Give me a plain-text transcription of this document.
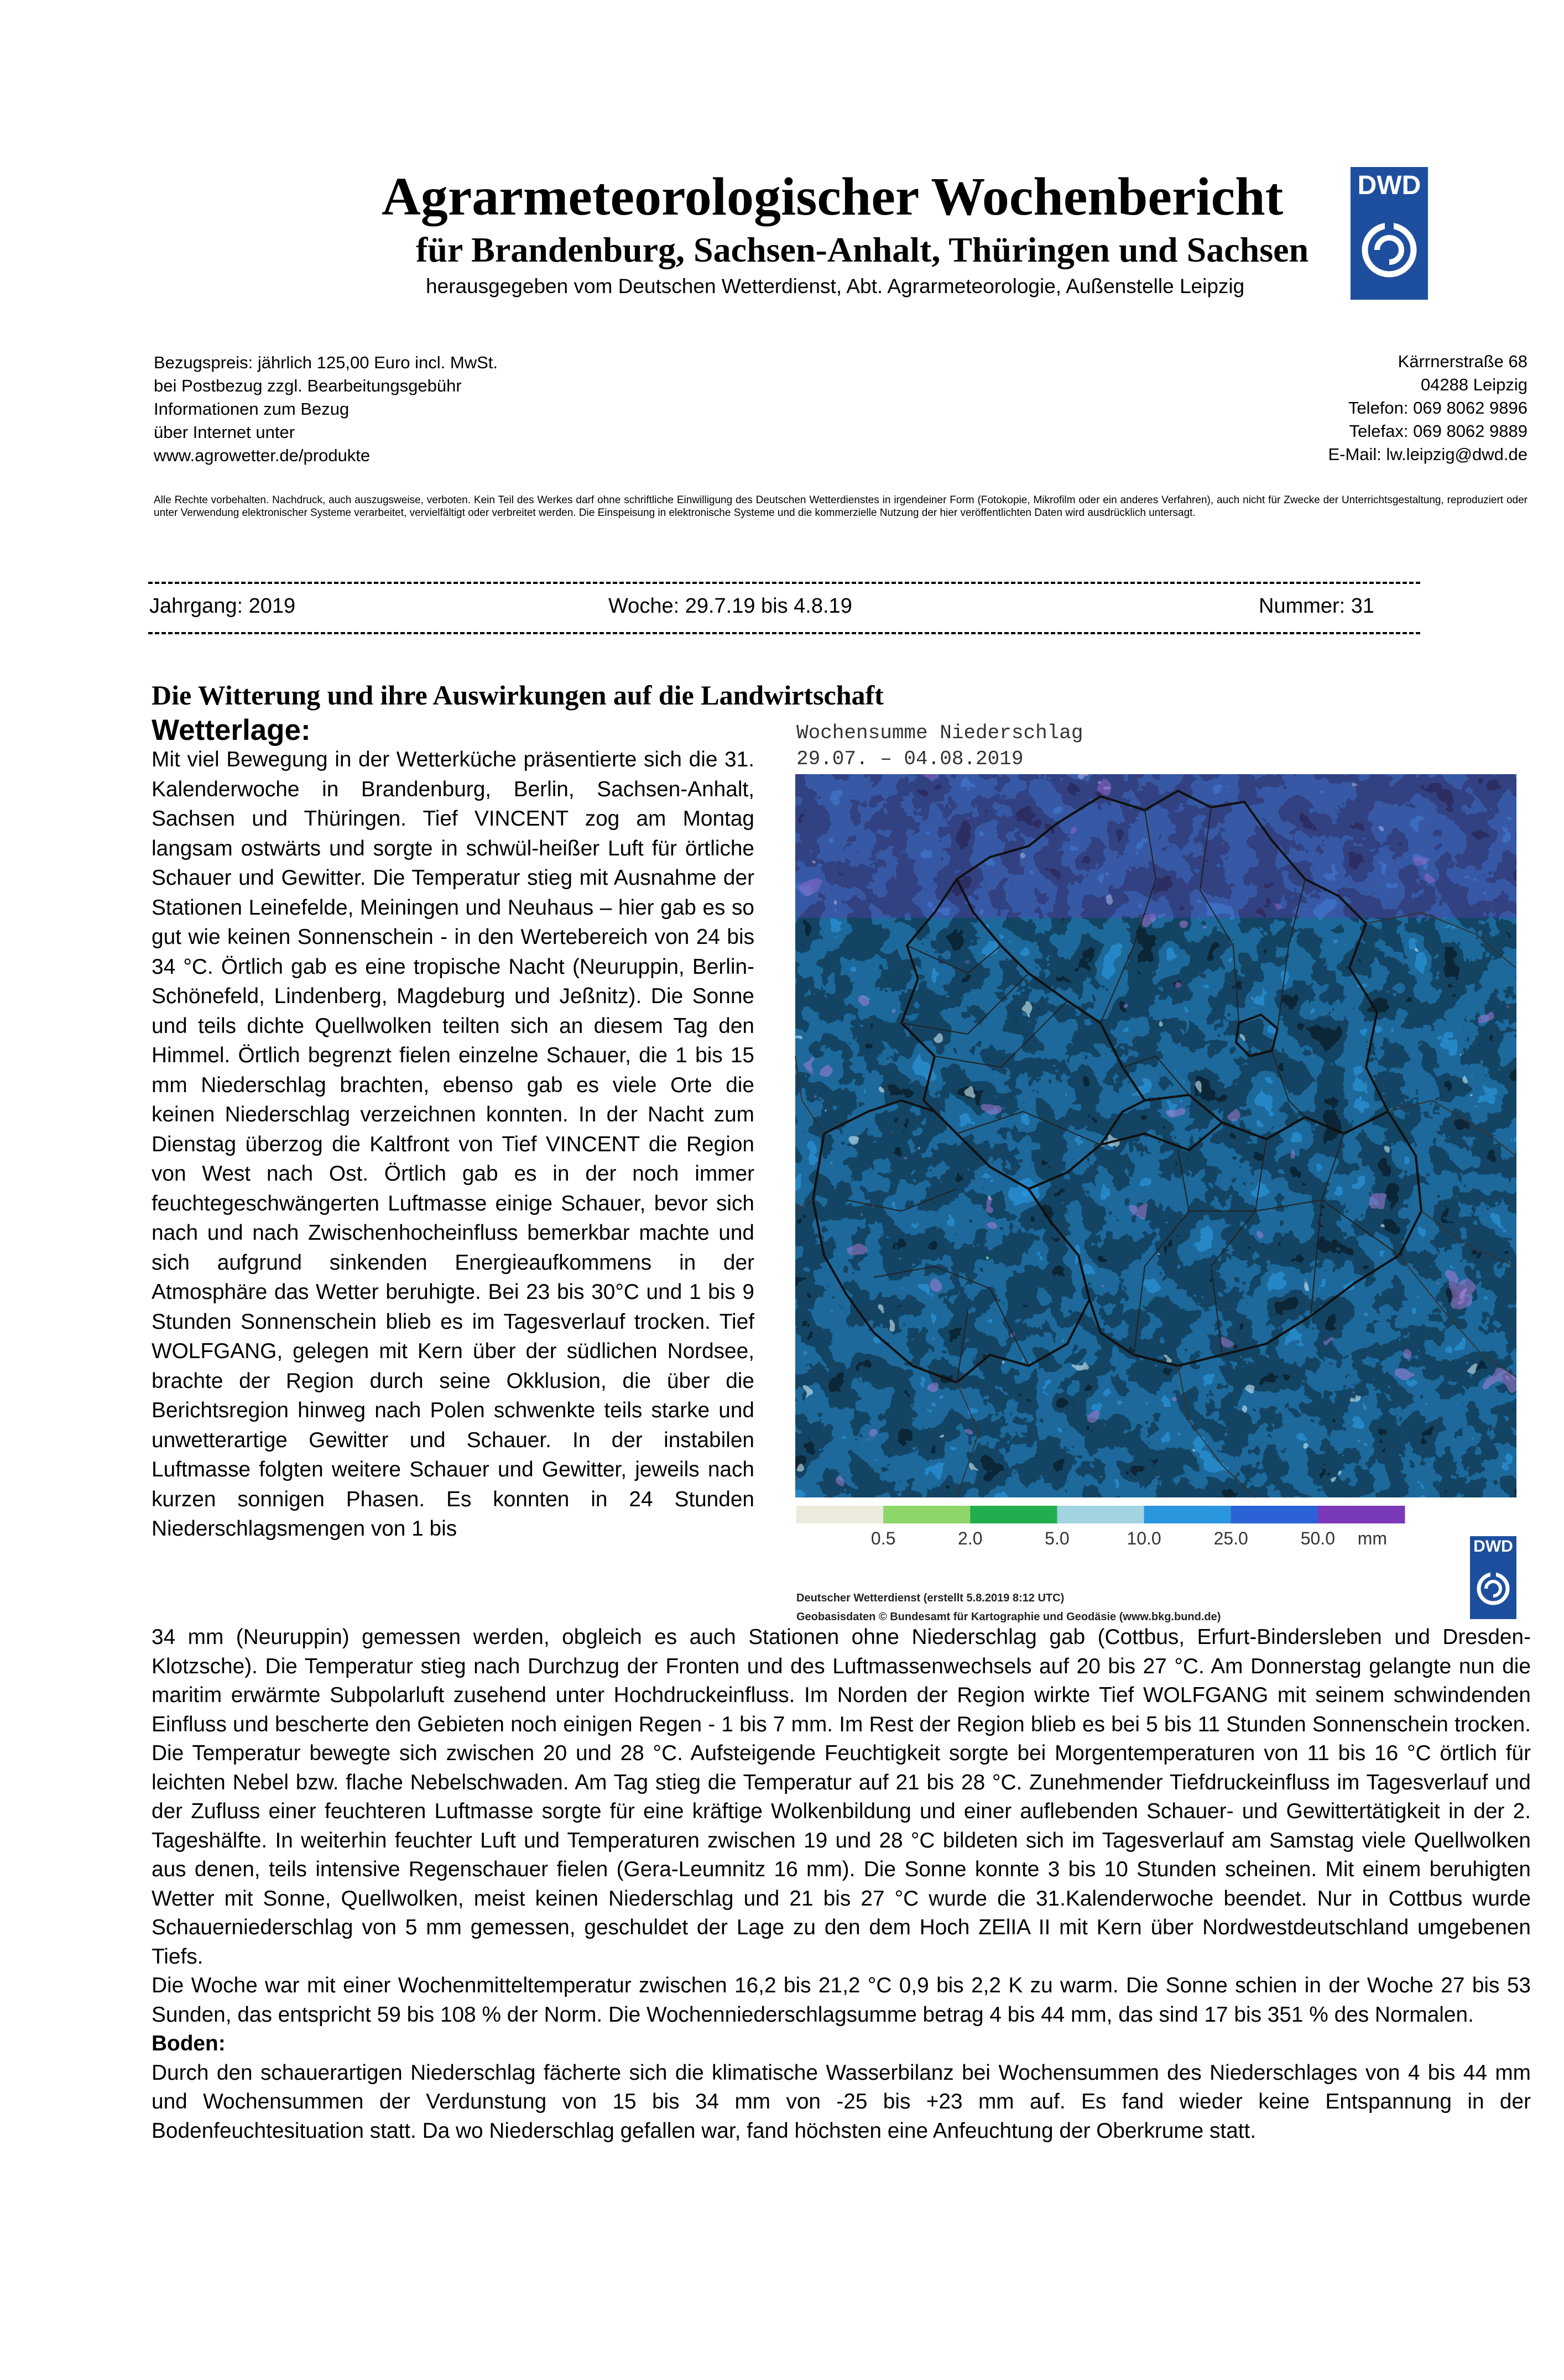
Agrarmeteorologischer Wochenbericht
für Brandenburg, Sachsen-Anhalt, Thüringen und Sachsen
herausgegeben vom Deutschen Wetterdienst, Abt. Agrarmeteorologie, Außenstelle Leipzig
DWD
Bezugspreis: jährlich 125,00 Euro incl. MwSt.
bei Postbezug zzgl. Bearbeitungsgebühr
Informationen zum Bezug
über Internet unter
www.agrowetter.de/produkte
Kärrnerstraße 68
04288 Leipzig
Telefon: 069 8062 9896
Telefax: 069 8062 9889
E-Mail: lw.leipzig@dwd.de
Alle Rechte vorbehalten. Nachdruck, auch auszugsweise, verboten. Kein Teil des Werkes darf ohne schriftliche Einwilligung des Deutschen Wetterdienstes in irgendeiner Form (Fotokopie, Mikrofilm oder ein anderes Verfahren), auch nicht für Zwecke der Unterrichtsgestaltung, reproduziert oder unter Verwendung elektronischer Systeme verarbeitet, vervielfältigt oder verbreitet werden. Die Einspeisung in elektronische Systeme und die kommerzielle Nutzung der hier veröffentlichten Daten wird ausdrücklich untersagt.
Jahrgang: 2019	Woche: 29.7.19 bis 4.8.19	Nummer: 31
Die Witterung und ihre Auswirkungen auf die Landwirtschaft
Wetterlage:
Mit viel Bewegung in der Wetterküche präsentierte sich die 31. Kalenderwoche in Brandenburg, Berlin, Sachsen-Anhalt, Sachsen und Thüringen. Tief VINCENT zog am Montag langsam ostwärts und sorgte in schwül-heißer Luft für örtliche Schauer und Gewitter. Die Temperatur stieg mit Ausnahme der Stationen Leinefelde, Meiningen und Neuhaus – hier gab es so gut wie keinen Sonnenschein - in den Wertebereich von 24 bis 34 °C. Örtlich gab es eine tropische Nacht (Neuruppin, Berlin-Schönefeld, Lindenberg, Magdeburg und Jeßnitz). Die Sonne und teils dichte Quellwolken teilten sich an diesem Tag den Himmel. Örtlich begrenzt fielen einzelne Schauer, die 1 bis 15 mm Niederschlag brachten, ebenso gab es viele Orte die keinen Niederschlag verzeichnen konnten. In der Nacht zum Dienstag überzog die Kaltfront von Tief VINCENT die Region von West nach Ost. Örtlich gab es in der noch immer feuchtegeschwängerten Luftmasse einige Schauer, bevor sich nach und nach Zwischenhocheinfluss bemerkbar machte und sich aufgrund sinkenden Energieaufkommens in der Atmosphäre das Wetter beruhigte. Bei 23 bis 30°C und 1 bis 9 Stunden Sonnenschein blieb es im Tagesverlauf trocken. Tief WOLFGANG, gelegen mit Kern über der südlichen Nordsee, brachte der Region durch seine Okklusion, die über die Berichtsregion hinweg nach Polen schwenkte teils starke und unwetterartige Gewitter und Schauer. In der instabilen Luftmasse folgten weitere Schauer und Gewitter, jeweils nach kurzen sonnigen Phasen. Es konnten in 24 Stunden Niederschlagsmengen von 1 bis
Wochensumme Niederschlag
29.07. – 04.08.2019
0.5	2.0	5.0	10.0	25.0	50.0 mm
Deutscher Wetterdienst (erstellt 5.8.2019 8:12 UTC)
Geobasisdaten © Bundesamt für Kartographie und Geodäsie (www.bkg.bund.de)
DWD

34 mm (Neuruppin) gemessen werden, obgleich es auch Stationen ohne Niederschlag gab (Cottbus, Erfurt-Bindersleben und Dresden-Klotzsche). Die Temperatur stieg nach Durchzug der Fronten und des Luftmassenwechsels auf 20 bis 27 °C. Am Donnerstag gelangte nun die maritim erwärmte Subpolarluft zusehend unter Hochdruckeinfluss. Im Norden der Region wirkte Tief WOLFGANG mit seinem schwindenden Einfluss und bescherte den Gebieten noch einigen Regen - 1 bis 7 mm. Im Rest der Region blieb es bei 5 bis 11 Stunden Sonnenschein trocken. Die Temperatur bewegte sich zwischen 20 und 28 °C. Aufsteigende Feuchtigkeit sorgte bei Morgentemperaturen von 11 bis 16 °C örtlich für leichten Nebel bzw. flache Nebelschwaden. Am Tag stieg die Temperatur auf 21 bis 28 °C. Zunehmender Tiefdruckeinfluss im Tagesverlauf und der Zufluss einer feuchteren Luftmasse sorgte für eine kräftige Wolkenbildung und einer auflebenden Schauer- und Gewittertätigkeit in der 2. Tageshälfte. In weiterhin feuchter Luft und Temperaturen zwischen 19 und 28 °C bildeten sich im Tagesverlauf am Samstag viele Quellwolken aus denen, teils intensive Regenschauer fielen (Gera-Leumnitz 16 mm). Die Sonne konnte 3 bis 10 Stunden scheinen. Mit einem beruhigten Wetter mit Sonne, Quellwolken, meist keinen Niederschlag und 21 bis 27 °C wurde die 31.Kalenderwoche beendet. Nur in Cottbus wurde Schauerniederschlag von 5 mm gemessen, geschuldet der Lage zu den dem Hoch ZElIA II mit Kern über Nordwestdeutschland umgebenen Tiefs.

Die Woche war mit einer Wochenmitteltemperatur zwischen 16,2 bis 21,2 °C 0,9 bis 2,2 K zu warm. Die Sonne schien in der Woche 27 bis 53 Sunden, das entspricht 59 bis 108 % der Norm. Die Wochenniederschlagsumme betrag 4 bis 44 mm, das sind 17 bis 351 % des Normalen.

Boden:

Durch den schauerartigen Niederschlag fächerte sich die klimatische Wasserbilanz bei Wochensummen des Niederschlages von 4 bis 44 mm und Wochensummen der Verdunstung von 15 bis 34 mm von -25 bis +23 mm auf. Es fand wieder keine Entspannung in der Bodenfeuchtesituation statt. Da wo Niederschlag gefallen war, fand höchsten eine Anfeuchtung der Oberkrume statt.
